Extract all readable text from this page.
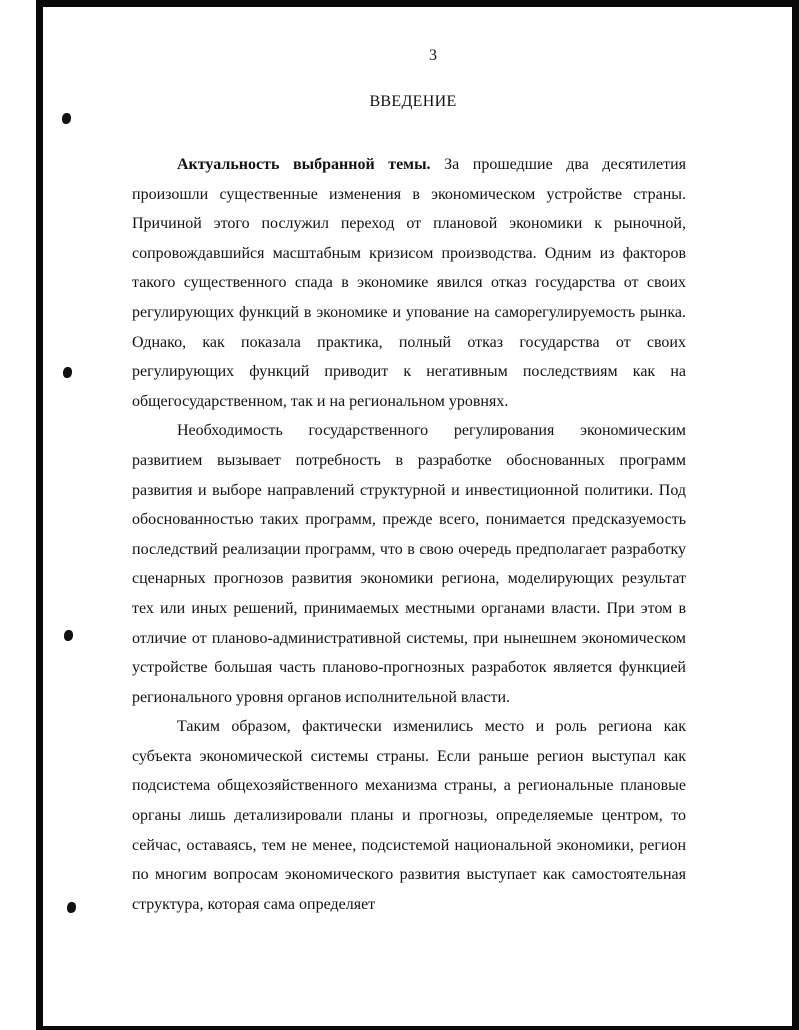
3
ВВЕДЕНИЕ

Актуальность выбранной темы. За прошедшие два десятилетия произошли существенные изменения в экономическом устройстве страны. Причиной этого послужил переход от плановой экономики к рыночной, сопровождавшийся масштабным кризисом производства. Одним из факторов такого существенного спада в экономике явился отказ государства от своих регулирующих функций в экономике и упование на саморегулируемость рынка. Однако, как показала практика, полный отказ государства от своих регулирующих функций приводит к негативным последствиям как на общегосударственном, так и на региональном уровнях.

Необходимость государственного регулирования экономическим развитием вызывает потребность в разработке обоснованных программ развития и выборе направлений структурной и инвестиционной политики. Под обоснованностью таких программ, прежде всего, понимается предсказуемость последствий реализации программ, что в свою очередь предполагает разработку сценарных прогнозов развития экономики региона, моделирующих результат тех или иных решений, принимаемых местными органами власти. При этом в отличие от планово-административной системы, при нынешнем экономическом устройстве большая часть планово-прогнозных разработок является функцией регионального уровня органов исполнительной власти.

Таким образом, фактически изменились место и роль региона как субъекта экономической системы страны. Если раньше регион выступал как подсистема общехозяйственного механизма страны, а региональные плановые органы лишь детализировали планы и прогнозы, определяемые центром, то сейчас, оставаясь, тем не менее, подсистемой национальной экономики, регион по многим вопросам экономического развития выступает как самостоятельная структура, которая сама определяет
